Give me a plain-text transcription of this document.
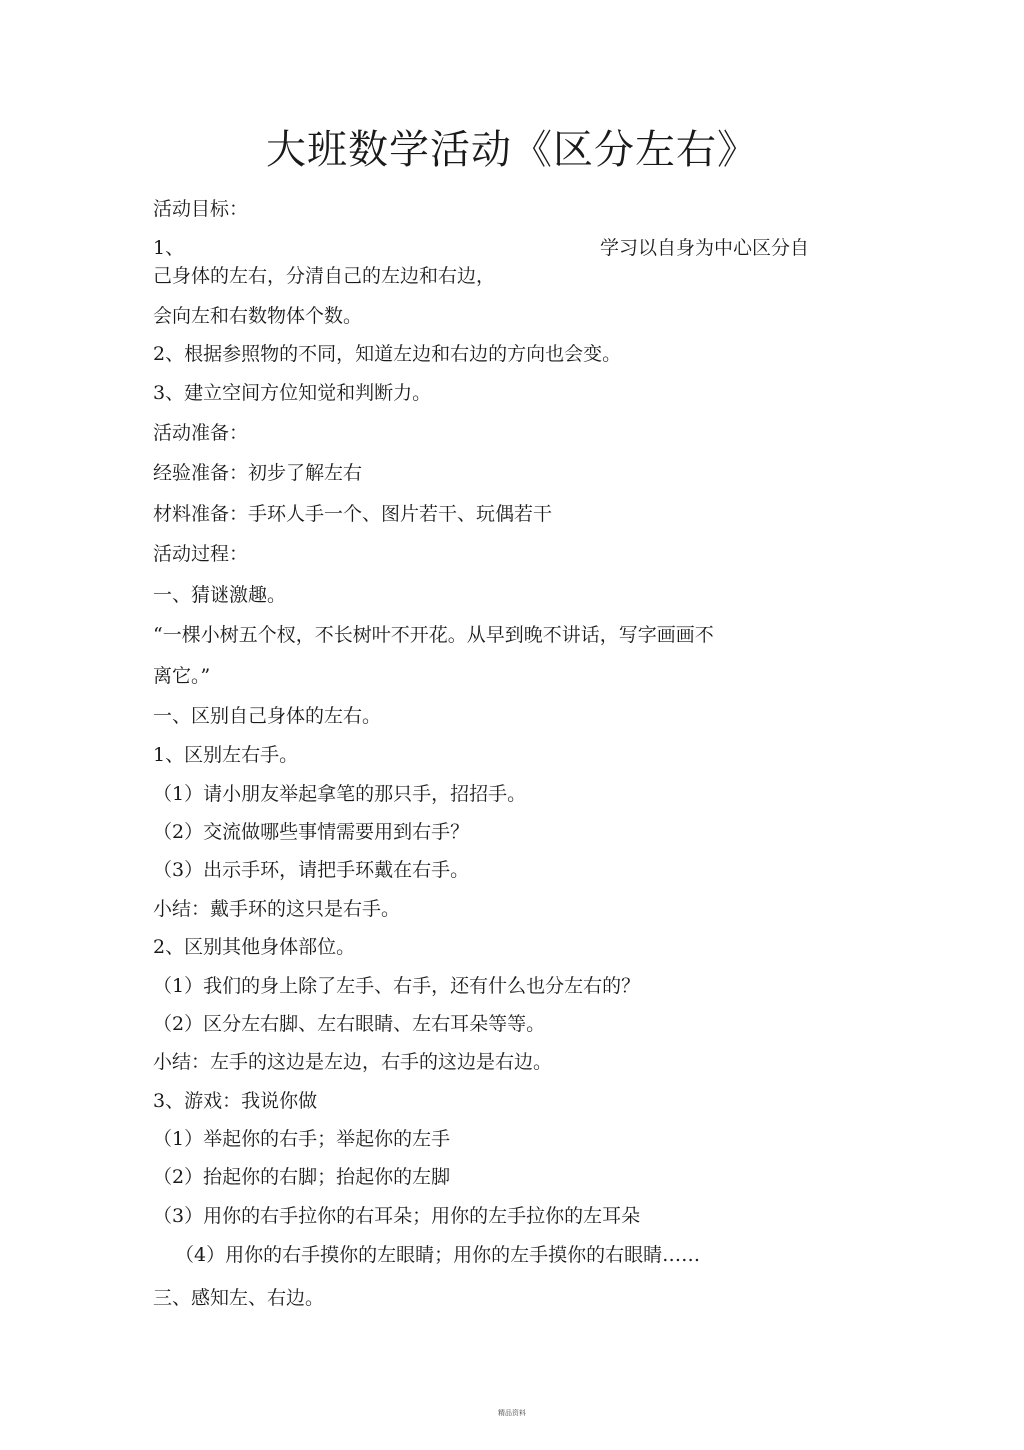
大班数学活动《区分左右》
活动目标：
1、	学习以自身为中心区分自
己身体的左右，分清自己的左边和右边，
会向左和右数物体个数。
2、根据参照物的不同，知道左边和右边的方向也会变。
3、建立空间方位知觉和判断力。
活动准备：
经验准备：初步了解左右
材料准备：手环人手一个、图片若干、玩偶若干
活动过程：
一、猜谜激趣。
“一棵小树五个杈，不长树叶不开花。从早到晚不讲话，写字画画不
离它。”
一、区别自己身体的左右。
1、区别左右手。
（1）请小朋友举起拿笔的那只手，招招手。
（2）交流做哪些事情需要用到右手？
（3）出示手环，请把手环戴在右手。
小结：戴手环的这只是右手。
2、区别其他身体部位。
（1）我们的身上除了左手、右手，还有什么也分左右的？
（2）区分左右脚、左右眼睛、左右耳朵等等。
小结：左手的这边是左边，右手的这边是右边。
3、游戏：我说你做
（1）举起你的右手；举起你的左手
（2）抬起你的右脚；抬起你的左脚
（3）用你的右手拉你的右耳朵；用你的左手拉你的左耳朵
（4）用你的右手摸你的左眼睛；用你的左手摸你的右眼睛……
三、感知左、右边。
精品资料
